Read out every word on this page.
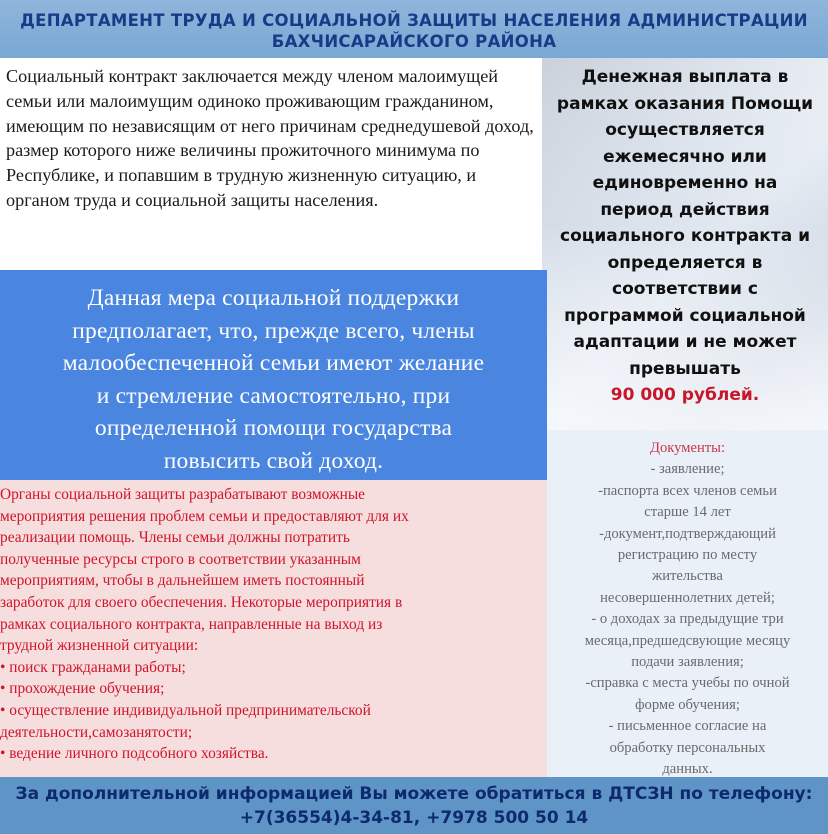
ДЕПАРТАМЕНТ ТРУДА И СОЦИАЛЬНОЙ ЗАЩИТЫ НАСЕЛЕНИЯ АДМИНИСТРАЦИИ
БАХЧИСАРАЙСКОГО РАЙОНА
Социальный контракт заключается между членом малоимущей семьи или малоимущим одиноко проживающим гражданином, имеющим по независящим от него причинам среднедушевой доход, размер которого ниже величины прожиточного минимума по Республике, и попавшим в трудную жизненную ситуацию, и органом труда и социальной защиты населения.
Денежная выплата в
рамках оказания Помощи
осуществляется
ежемесячно или
единовременно на
период действия
социального контракта и
определяется в
соответствии с
программой социальной
адаптации и не может
превышать
90 000 рублей.
Данная мера социальной поддержки
предполагает, что, прежде всего, члены
малообеспеченной семьи имеют желание
и стремление самостоятельно, при
определенной помощи государства
повысить свой доход.
Органы социальной защиты разрабатывают возможные
мероприятия решения проблем семьи и предоставляют для их
реализации помощь. Члены семьи должны потратить
полученные ресурсы строго в соответствии указанным
мероприятиям, чтобы в дальнейшем иметь постоянный
заработок для своего обеспечения. Некоторые мероприятия в
рамках социального контракта, направленные на выход из
трудной жизненной ситуации:
• поиск гражданами работы;
• прохождение обучения;
• осуществление индивидуальной предпринимательской
деятельности,самозанятости;
• ведение личного подсобного хозяйства.
Документы:
- заявление;
-паспорта всех членов семьи
старше 14 лет
-документ,подтверждающий
регистрацию по месту
жительства
несовершеннолетних детей;
- о доходах за предыдущие три
месяца,предшедсвующие месяцу
подачи заявления;
-справка с места учебы по очной
форме обучения;
- письменное согласие на
обработку персональных
данных.
За дополнительной информацией Вы можете обратиться в ДТСЗН по телефону:
+7(36554)4-34-81, +7978 500 50 14
